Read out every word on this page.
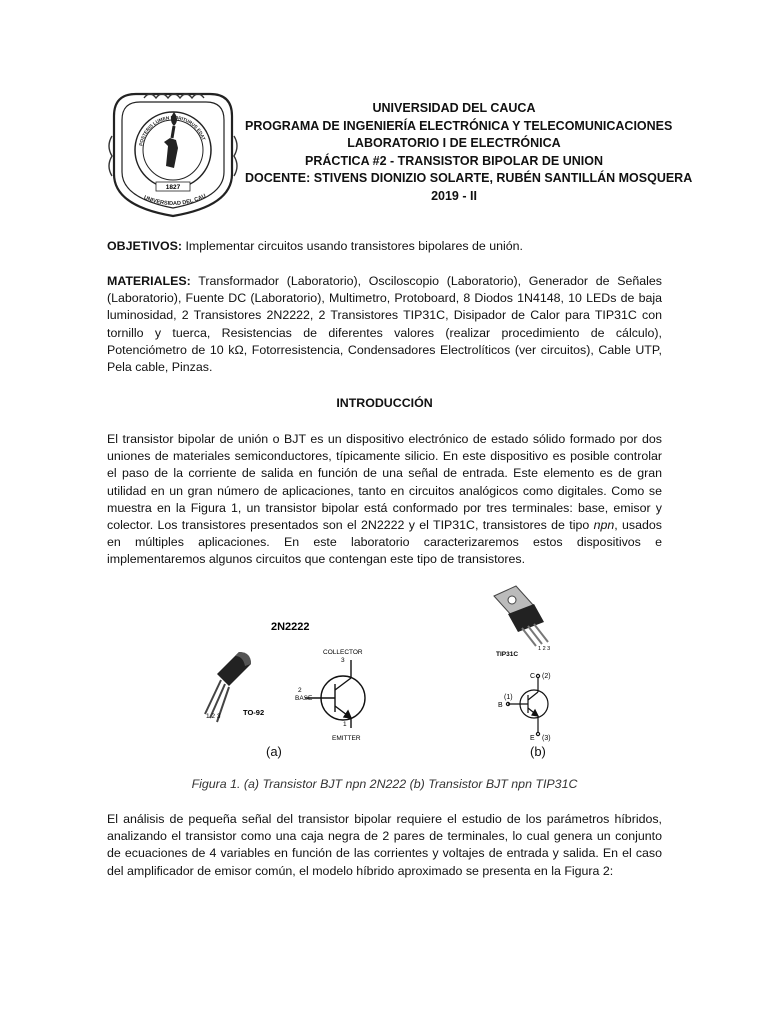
POSTERIS LUMEN MORITURUS EDAT
1827
UNIVERSIDAD DEL CAU
UNIVERSIDAD DEL CAUCA
PROGRAMA DE INGENIERÍA ELECTRÓNICA Y TELECOMUNICACIONES
LABORATORIO I DE ELECTRÓNICA
PRÁCTICA #2 - TRANSISTOR BIPOLAR DE UNION
DOCENTE: STIVENS DIONIZIO SOLARTE, RUBÉN SANTILLÁN MOSQUERA
2019 - II
OBJETIVOS: Implementar circuitos usando transistores bipolares de unión.
MATERIALES: Transformador (Laboratorio), Osciloscopio (Laboratorio), Generador de Señales (Laboratorio), Fuente DC (Laboratorio), Multimetro, Protoboard, 8 Diodos 1N4148, 10 LEDs de baja luminosidad, 2 Transistores 2N2222, 2 Transistores TIP31C, Disipador de Calor para TIP31C con tornillo y tuerca, Resistencias de diferentes valores (realizar procedimiento de cálculo), Potenciómetro de 10 kΩ, Fotorresistencia, Condensadores Electrolíticos (ver circuitos), Cable UTP, Pela cable, Pinzas.
INTRODUCCIÓN
El transistor bipolar de unión o BJT es un dispositivo electrónico de estado sólido formado por dos uniones de materiales semiconductores, típicamente silicio. En este dispositivo es posible controlar el paso de la corriente de salida en función de una señal de entrada. Este elemento es de gran utilidad en un gran número de aplicaciones, tanto en circuitos analógicos como digitales. Como se muestra en la Figura 1, un transistor bipolar está conformado por tres terminales: base, emisor y colector. Los transistores presentados son el 2N2222 y el TIP31C, transistores de tipo npn, usados en múltiples aplicaciones. En este laboratorio caracterizaremos estos dispositivos e implementaremos algunos circuitos que contengan este tipo de transistores.
2N2222
1 2 3	TO-92
COLLECTOR
3
2
BASE
1
EMITTER
(a)
1 2 3
TIP31C
C (2)
(1)
B
E (3)
(b)
Figura 1. (a) Transistor BJT npn 2N222 (b) Transistor BJT npn TIP31C
El análisis de pequeña señal del transistor bipolar requiere el estudio de los parámetros híbridos, analizando el transistor como una caja negra de 2 pares de terminales, lo cual genera un conjunto de ecuaciones de 4 variables en función de las corrientes y voltajes de entrada y salida. En el caso del amplificador de emisor común, el modelo híbrido aproximado se presenta en la Figura 2:
